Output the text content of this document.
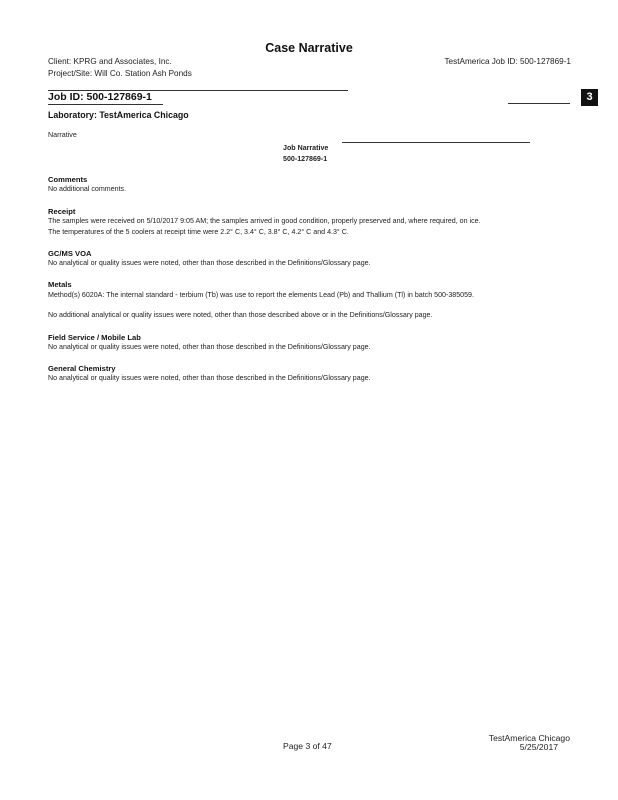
Case Narrative
Client: KPRG and Associates, Inc.
Project/Site: Will Co. Station Ash Ponds
TestAmerica Job ID: 500-127869-1
Job ID: 500-127869-1	3
Laboratory: TestAmerica Chicago
Narrative
Job Narrative
500-127869-1
Comments
No additional comments.
Receipt
The samples were received on 5/10/2017 9:05 AM; the samples arrived in good condition, properly preserved and, where required, on ice.
The temperatures of the 5 coolers at receipt time were 2.2° C, 3.4° C, 3.8° C, 4.2° C and 4.3° C.
GC/MS VOA
No analytical or quality issues were noted, other than those described in the Definitions/Glossary page.
Metals
Method(s) 6020A: The internal standard - terbium (Tb) was use to report the elements Lead (Pb) and Thallium (Tl) in batch 500-385059.
No additional analytical or quality issues were noted, other than those described above or in the Definitions/Glossary page.
Field Service / Mobile Lab
No analytical or quality issues were noted, other than those described in the Definitions/Glossary page.
General Chemistry
No analytical or quality issues were noted, other than those described in the Definitions/Glossary page.
Page 3 of 47
TestAmerica Chicago
5/25/2017
